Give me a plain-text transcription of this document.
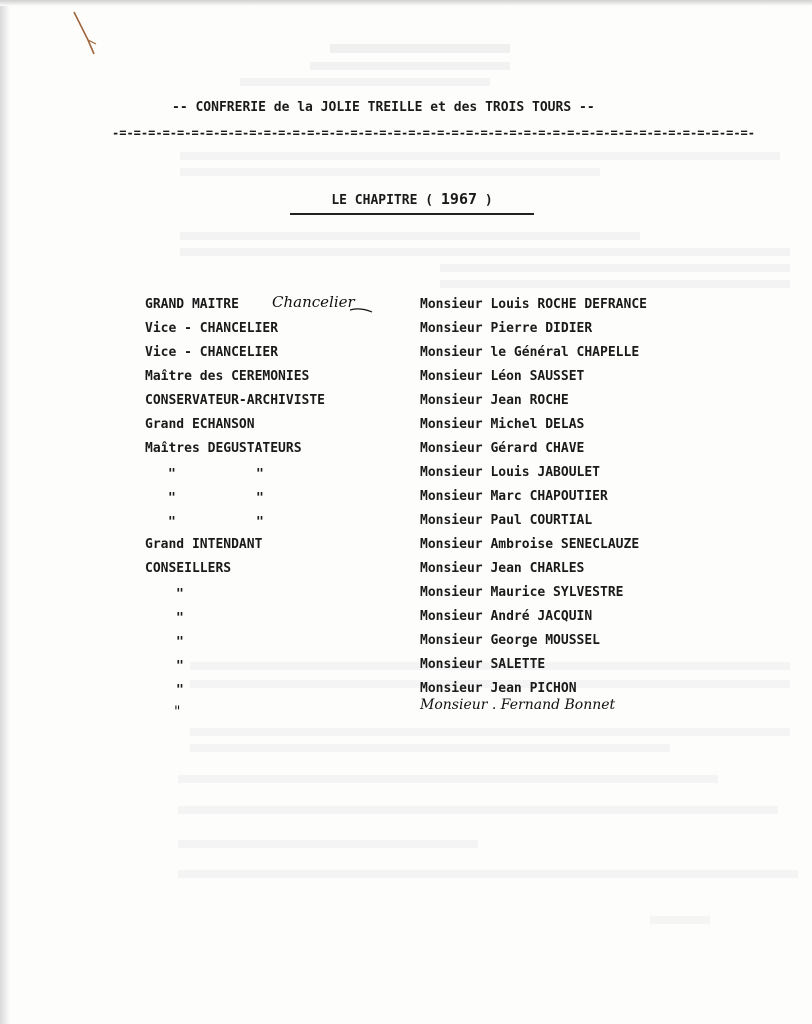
-- CONFRERIE de la JOLIE TREILLE et des TROIS TOURS --
-=-=-=-=-=-=-=-=-=-=-=-=-=-=-=-=-=-=-=-=-=-=-=-=-=-=-=-=-=-=-=-=-=-=-=-=-=-=-=-=-=-=-=-=-
LE CHAPITRE ( 1967 )
GRAND MAITRE	Monsieur Louis ROCHE DEFRANCE
Vice - CHANCELIER	Monsieur Pierre DIDIER
Vice - CHANCELIER	Monsieur le Général CHAPELLE
Maître des CEREMONIES	Monsieur Léon SAUSSET
CONSERVATEUR-ARCHIVISTE	Monsieur Jean ROCHE
Grand ECHANSON	Monsieur Michel DELAS
Maîtres DEGUSTATEURS	Monsieur Gérard CHAVE
"	"	Monsieur Louis JABOULET
"	"	Monsieur Marc CHAPOUTIER
"	"	Monsieur Paul COURTIAL
Grand INTENDANT	Monsieur Ambroise SENECLAUZE
CONSEILLERS	Monsieur Jean CHARLES
"	Monsieur Maurice SYLVESTRE
"	Monsieur André JACQUIN
"	Monsieur George MOUSSEL
"	Monsieur SALETTE
"	Monsieur Jean PICHON
Chancelier
"	Monsieur . Fernand Bonnet
